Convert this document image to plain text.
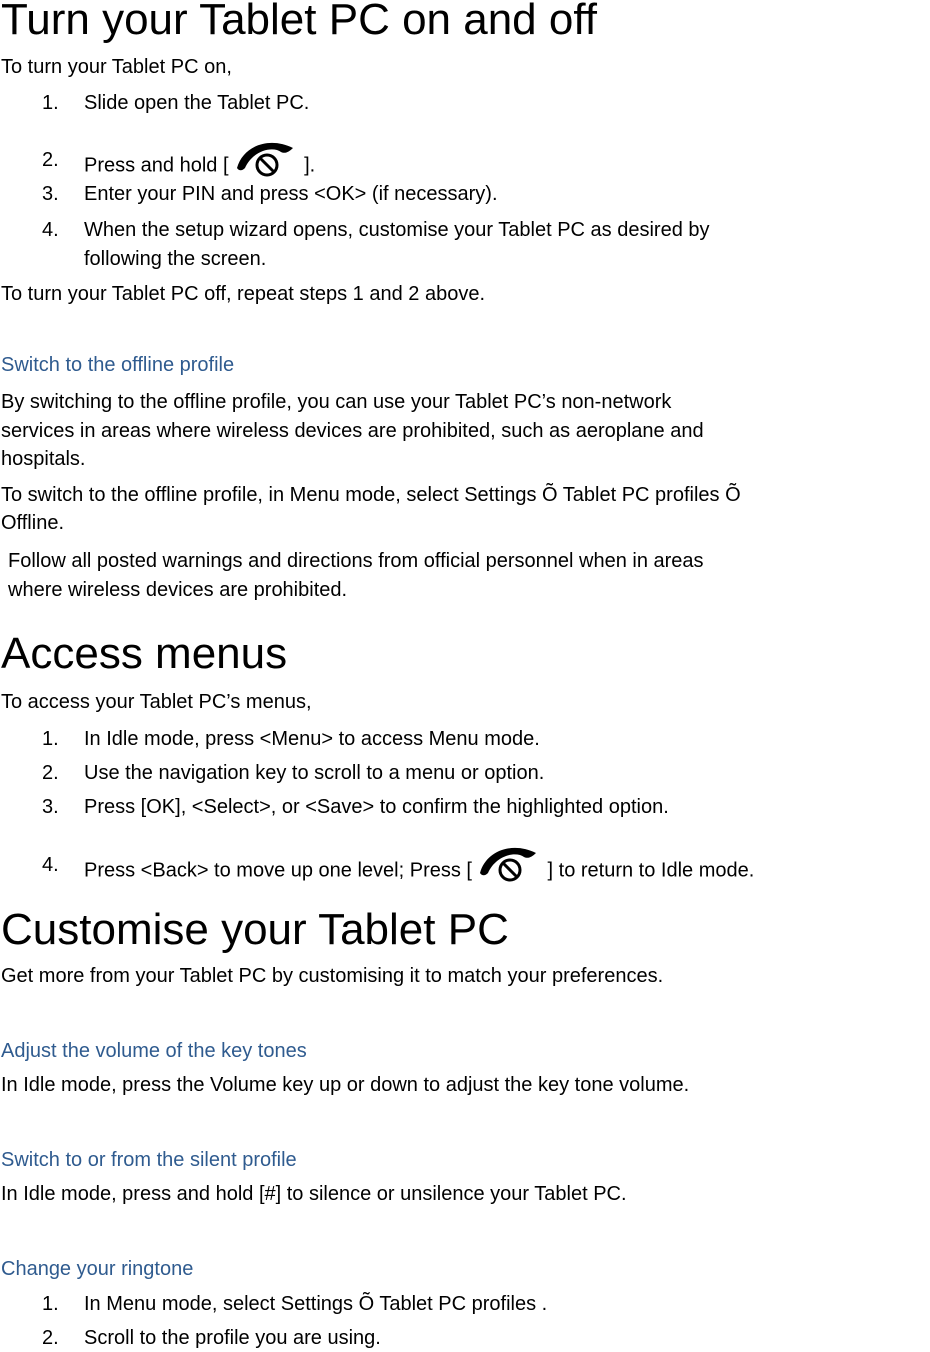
Turn your Tablet PC on and off
To turn your Tablet PC on,
1. Slide open the Tablet PC.
2. Press and hold [	].
3. Enter your PIN and press <OK> (if necessary).
4. When the setup wizard opens, customise your Tablet PC as desired by
following the screen.
To turn your Tablet PC off, repeat steps 1 and 2 above.
Switch to the offline profile
By switching to the offline profile, you can use your Tablet PC’s non-network
services in areas where wireless devices are prohibited, such as aeroplane and
hospitals.
To switch to the offline profile, in Menu mode, select Settings Õ Tablet PC profiles Õ
Offline.
Follow all posted warnings and directions from official personnel when in areas
where wireless devices are prohibited.
Access menus
To access your Tablet PC’s menus,
1. In Idle mode, press <Menu> to access Menu mode.
2. Use the navigation key to scroll to a menu or option.
3. Press [OK], <Select>, or <Save> to confirm the highlighted option.
4. Press <Back> to move up one level; Press [	] to return to Idle mode.
Customise your Tablet PC
Get more from your Tablet PC by customising it to match your preferences.
Adjust the volume of the key tones
In Idle mode, press the Volume key up or down to adjust the key tone volume.
Switch to or from the silent profile
In Idle mode, press and hold [#] to silence or unsilence your Tablet PC.
Change your ringtone
1. In Menu mode, select Settings Õ Tablet PC profiles .
2. Scroll to the profile you are using.
